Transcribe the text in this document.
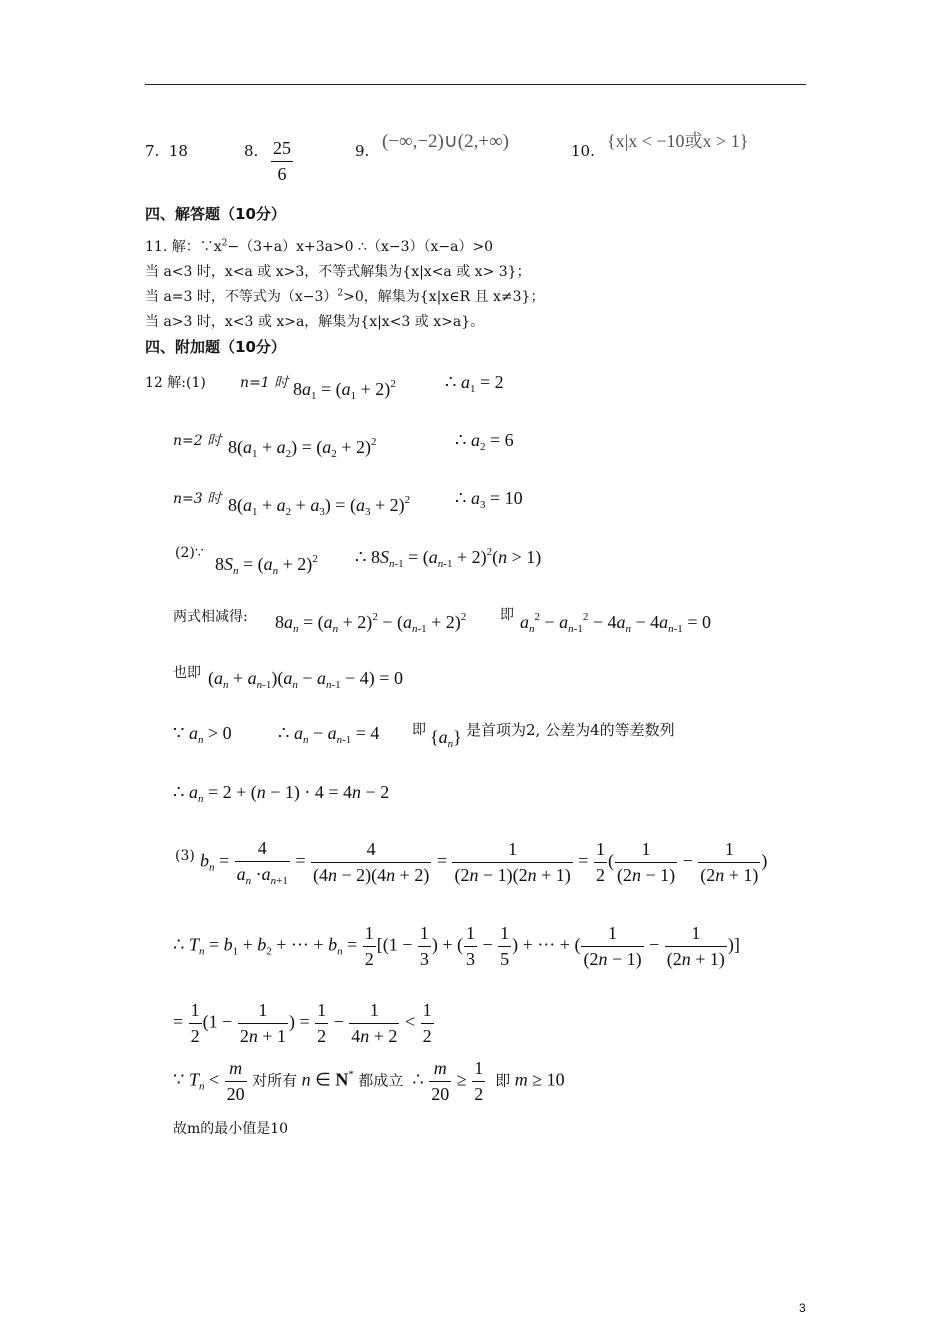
7. 18	8. $\frac{25}{6}$	9. (−∞,−2)∪(2,+∞)	10. {x|x < −10或x > 1}
四、解答题（10分）
11. 解：$\because x^2-(3+a)x+3a>0$ ∴（x−3）（x−a）>0
当 a<3 时，x<a 或 x>3，不等式解集为{x|x<a 或 x> 3}；
当 a=3 时，不等式为$(x-3)^2>0$，解集为{x|x∈R 且 x≠3}；
当 a>3 时，x<3 或 x>a，解集为{x|x<3 或 x>a}。
四、附加题（10分）
12 解:(1) n=1 时 $8a_1 = (a_1 + 2)^2$	∴ $a_1 = 2$
n=2 时 $8(a_1 + a_2) = (a_2 + 2)^2$	∴ $a_2 = 6$
n=3 时 $8(a_1 + a_2 + a_3) = (a_3 + 2)^2$ ∴ $a_3 = 10$
(2)∵
$8S_n = (a_n + 2)^2$ ∴ $8S_{n-1} = (a_{n-1} + 2)^2(n > 1)$
两式相减得: $8a_n = (a_n + 2)^2 - (a_{n-1} + 2)^2$ 即 $a_n^2 - a_{n-1}^2 - 4a_n - 4a_{n-1} = 0$
也即 $(a_n + a_{n-1})(a_n - a_{n-1} - 4) = 0$
∵ $a_n > 0$	∴ $a_n - a_{n-1} = 4$ 即 $\{a_n\}$ 是首项为2, 公差为4的等差数列
∴ $a_n = 2 + (n - 1) \cdot 4 = 4n - 2$
(3) $b_n = \frac{4}{a_n \cdot a_{n+1}} = \frac{4}{(4n - 2)(4n + 2)} = \frac{1}{(2n - 1)(2n + 1)} = \frac{1}{2}$ ( $\frac{1}{(2n - 1)} - \frac{1}{(2n + 1)}$ )
∴ $T_n = b_1 + b_2$ + ··· + $b_n = \frac{1}{2} [(1 - \frac{1}{3}$ ) + ( $\frac{1}{3} - \frac{1}{5}$ ) + ··· + ( $\frac{1}{(2n - 1)} - \frac{1}{(2n + 1)}$ )]
= $\frac{1}{2} (1 - \frac{1}{2n + 1}$ ) = $\frac{1}{2} - \frac{1}{4n + 2} < \frac{1}{2}$
∵ $T_n < \frac{m}{20}$ 对所有 n ∈ N* 都成立  ∴ $\frac{m}{20} \ge \frac{1}{2}$ 即 m ≥ 10
故m的最小值是10
3
